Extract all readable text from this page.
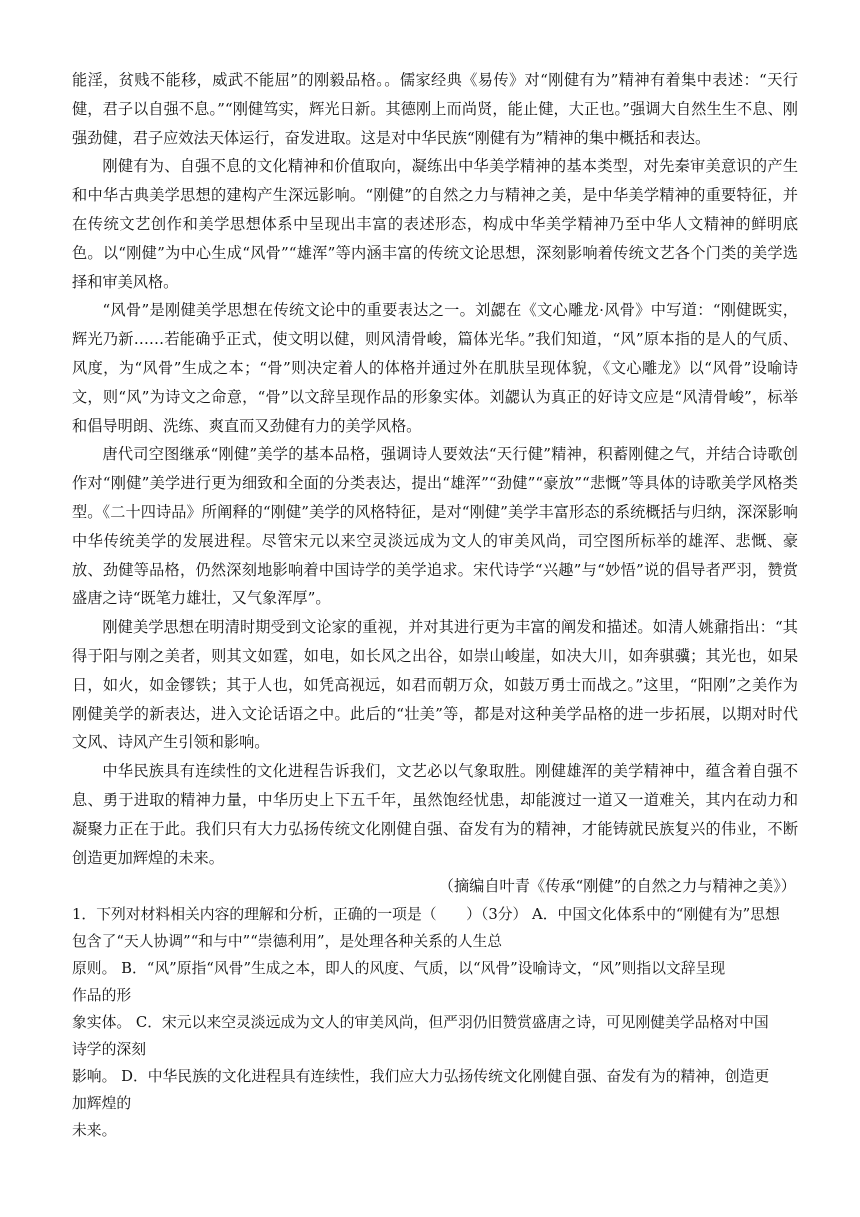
能淫，贫贱不能移，威武不能屈”的刚毅品格。。儒家经典《易传》对“刚健有为”精神有着集中表述：“天行健，君子以自强不息。”“刚健笃实，辉光日新。其德刚上而尚贤，能止健，大正也。”强调大自然生生不息、刚强劲健，君子应效法天体运行，奋发进取。这是对中华民族“刚健有为”精神的集中概括和表达。

刚健有为、自强不息的文化精神和价值取向，凝练出中华美学精神的基本类型，对先秦审美意识的产生和中华古典美学思想的建构产生深远影响。“刚健”的自然之力与精神之美，是中华美学精神的重要特征，并在传统文艺创作和美学思想体系中呈现出丰富的表述形态，构成中华美学精神乃至中华人文精神的鲜明底色。以“刚健”为中心生成“风骨”“雄浑”等内涵丰富的传统文论思想，深刻影响着传统文艺各个门类的美学选择和审美风格。

“风骨”是刚健美学思想在传统文论中的重要表达之一。刘勰在《文心雕龙·风骨》中写道：“刚健既实，辉光乃新……若能确乎正式，使文明以健，则风清骨峻，篇体光华。”我们知道，“风”原本指的是人的气质、风度，为“风骨”生成之本；“骨”则决定着人的体格并通过外在肌肤呈现体貌，《文心雕龙》以“风骨”设喻诗文，则“风”为诗文之命意，“骨”以文辞呈现作品的形象实体。刘勰认为真正的好诗文应是“风清骨峻”，标举和倡导明朗、洗练、爽直而又劲健有力的美学风格。

唐代司空图继承“刚健”美学的基本品格，强调诗人要效法“天行健”精神，积蓄刚健之气，并结合诗歌创作对“刚健”美学进行更为细致和全面的分类表达，提出“雄浑”“劲健”“豪放”“悲慨”等具体的诗歌美学风格类型。《二十四诗品》所阐释的“刚健”美学的风格特征，是对“刚健”美学丰富形态的系统概括与归纳，深深影响中华传统美学的发展进程。尽管宋元以来空灵淡远成为文人的审美风尚，司空图所标举的雄浑、悲慨、豪放、劲健等品格，仍然深刻地影响着中国诗学的美学追求。宋代诗学“兴趣”与“妙悟”说的倡导者严羽，赞赏盛唐之诗“既笔力雄壮，又气象浑厚”。

刚健美学思想在明清时期受到文论家的重视，并对其进行更为丰富的阐发和描述。如清人姚鼐指出：“其得于阳与刚之美者，则其文如霆，如电，如长风之出谷，如崇山峻崖，如决大川，如奔骐骥；其光也，如杲日，如火，如金镠铁；其于人也，如凭高视远，如君而朝万众，如鼓万勇士而战之。”这里，“阳刚”之美作为刚健美学的新表达，进入文论话语之中。此后的“壮美”等，都是对这种美学品格的进一步拓展，以期对时代文风、诗风产生引领和影响。

中华民族具有连续性的文化进程告诉我们，文艺必以气象取胜。刚健雄浑的美学精神中，蕴含着自强不息、勇于进取的精神力量，中华历史上下五千年，虽然饱经忧患，却能渡过一道又一道难关，其内在动力和凝聚力正在于此。我们只有大力弘扬传统文化刚健自强、奋发有为的精神，才能铸就民族复兴的伟业，不断创造更加辉煌的未来。

（摘编自叶青《传承“刚健”的自然之力与精神之美》）

1．下列对材料相关内容的理解和分析，正确的一项是（　　）（3分） A．中国文化体系中的“刚健有为”思想

包含了“天人协调”“和与中”“崇德利用”，是处理各种关系的人生总

原则。 B．“风”原指“风骨”生成之本，即人的风度、气质，以“风骨”设喻诗文，“风”则指以文辞呈现

作品的形

象实体。 C．宋元以来空灵淡远成为文人的审美风尚，但严羽仍旧赞赏盛唐之诗，可见刚健美学品格对中国

诗学的深刻

影响。 D．中华民族的文化进程具有连续性，我们应大力弘扬传统文化刚健自强、奋发有为的精神，创造更

加辉煌的

未来。
